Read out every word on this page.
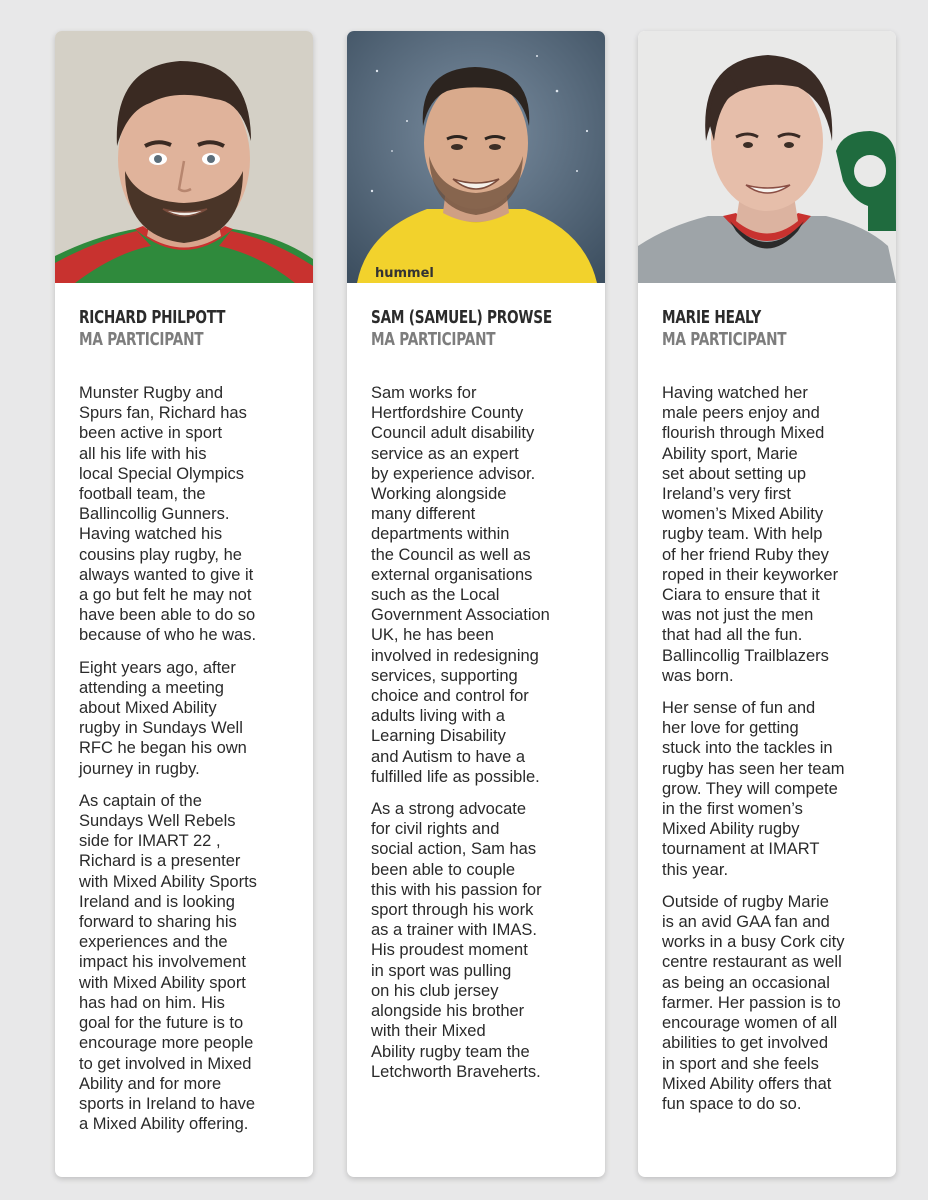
RICHARD PHILPOTT
MA PARTICIPANT

Munster Rugby and
Spurs fan, Richard has
been active in sport
all his life with his
local Special Olympics
football team, the
Ballincollig Gunners.
Having watched his
cousins play rugby, he
always wanted to give it
a go but felt he may not
have been able to do so
because of who he was.

Eight years ago, after
attending a meeting
about Mixed Ability
rugby in Sundays Well
RFC he began his own
journey in rugby.

As captain of the
Sundays Well Rebels
side for IMART 22 ,
Richard is a presenter
with Mixed Ability Sports
Ireland and is looking
forward to sharing his
experiences and the
impact his involvement
with Mixed Ability sport
has had on him. His
goal for the future is to
encourage more people
to get involved in Mixed
Ability and for more
sports in Ireland to have
a Mixed Ability offering.

hummel
SAM (SAMUEL) PROWSE
MA PARTICIPANT

Sam works for
Hertfordshire County
Council adult disability
service as an expert
by experience advisor.
Working alongside
many different
departments within
the Council as well as
external organisations
such as the Local
Government Association
UK, he has been
involved in redesigning
services, supporting
choice and control for
adults living with a
Learning Disability
and Autism to have a
fulfilled life as possible.

As a strong advocate
for civil rights and
social action, Sam has
been able to couple
this with his passion for
sport through his work
as a trainer with IMAS.
His proudest moment
in sport was pulling
on his club jersey
alongside his brother
with their Mixed
Ability rugby team the
Letchworth Braveherts.

MARIE HEALY
MA PARTICIPANT

Having watched her
male peers enjoy and
flourish through Mixed
Ability sport, Marie
set about setting up
Ireland’s very first
women’s Mixed Ability
rugby team. With help
of her friend Ruby they
roped in their keyworker
Ciara to ensure that it
was not just the men
that had all the fun.
Ballincollig Trailblazers
was born.

Her sense of fun and
her love for getting
stuck into the tackles in
rugby has seen her team
grow. They will compete
in the first women’s
Mixed Ability rugby
tournament at IMART
this year.

Outside of rugby Marie
is an avid GAA fan and
works in a busy Cork city
centre restaurant as well
as being an occasional
farmer. Her passion is to
encourage women of all
abilities to get involved
in sport and she feels
Mixed Ability offers that
fun space to do so.
